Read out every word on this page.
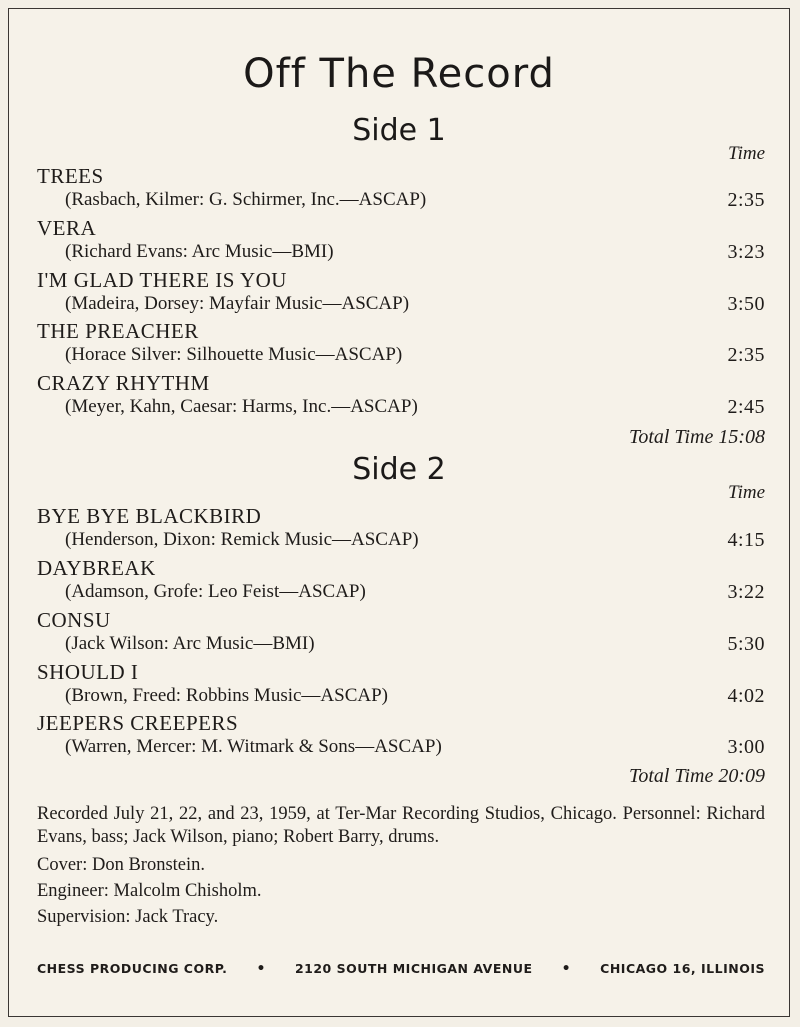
Off The Record
Side 1
Time
TREES
(Rasbach, Kilmer: G. Schirmer, Inc.—ASCAP)	2:35
VERA
(Richard Evans: Arc Music—BMI)	3:23
I'M GLAD THERE IS YOU
(Madeira, Dorsey: Mayfair Music—ASCAP)	3:50
THE PREACHER
(Horace Silver: Silhouette Music—ASCAP)	2:35
CRAZY RHYTHM
(Meyer, Kahn, Caesar: Harms, Inc.—ASCAP)	2:45
Total Time 15:08
Side 2
Time
BYE BYE BLACKBIRD
(Henderson, Dixon: Remick Music—ASCAP)	4:15
DAYBREAK
(Adamson, Grofe: Leo Feist—ASCAP)	3:22
CONSU
(Jack Wilson: Arc Music—BMI)	5:30
SHOULD I
(Brown, Freed: Robbins Music—ASCAP)	4:02
JEEPERS CREEPERS
(Warren, Mercer: M. Witmark & Sons—ASCAP)	3:00
Total Time 20:09

Recorded July 21, 22, and 23, 1959, at Ter-Mar Recording Studios, Chicago. Personnel: Richard Evans, bass; Jack Wilson, piano; Robert Barry, drums.

Cover: Don Bronstein.

Engineer: Malcolm Chisholm.

Supervision: Jack Tracy.

CHESS PRODUCING CORP. • 2120 SOUTH MICHIGAN AVENUE • CHICAGO 16, ILLINOIS
